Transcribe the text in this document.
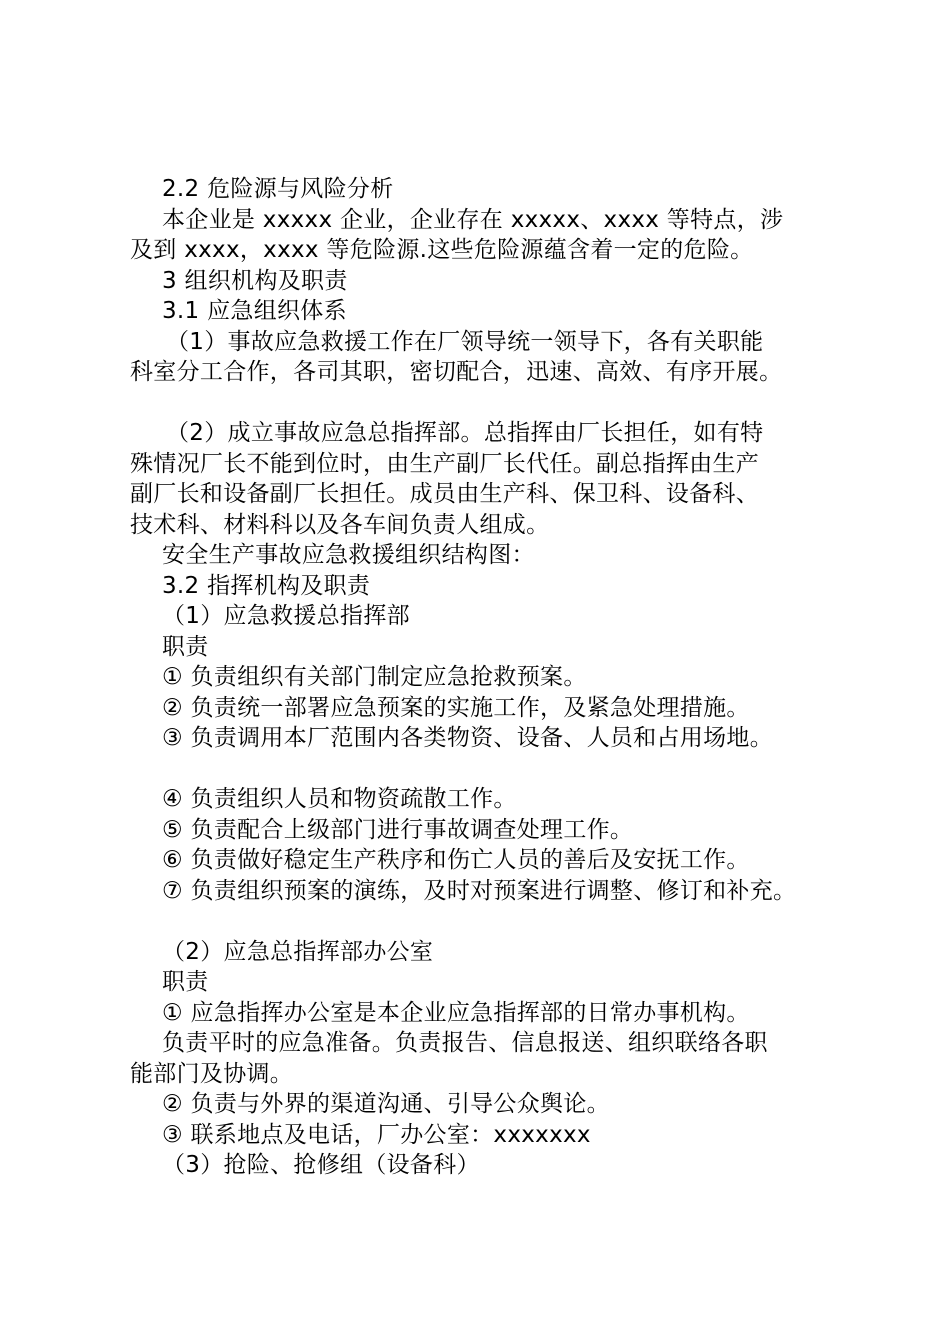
2.2 危险源与风险分析
本企业是 xxxxx 企业，企业存在 xxxxx、xxxx 等特点，涉
及到 xxxx，xxxx 等危险源.这些危险源蕴含着一定的危险。
3 组织机构及职责
3.1 应急组织体系
（1）事故应急救援工作在厂领导统一领导下，各有关职能
科室分工合作，各司其职，密切配合，迅速、高效、有序开展。
（2）成立事故应急总指挥部。总指挥由厂长担任，如有特
殊情况厂长不能到位时，由生产副厂长代任。副总指挥由生产
副厂长和设备副厂长担任。成员由生产科、保卫科、设备科、
技术科、材料科以及各车间负责人组成。
安全生产事故应急救援组织结构图：
3.2 指挥机构及职责
（1）应急救援总指挥部
职责
① 负责组织有关部门制定应急抢救预案。
② 负责统一部署应急预案的实施工作，及紧急处理措施。
③ 负责调用本厂范围内各类物资、设备、人员和占用场地。
④ 负责组织人员和物资疏散工作。
⑤ 负责配合上级部门进行事故调查处理工作。
⑥ 负责做好稳定生产秩序和伤亡人员的善后及安抚工作。
⑦ 负责组织预案的演练，及时对预案进行调整、修订和补充。
（2）应急总指挥部办公室
职责
① 应急指挥办公室是本企业应急指挥部的日常办事机构。
负责平时的应急准备。负责报告、信息报送、组织联络各职
能部门及协调。
② 负责与外界的渠道沟通、引导公众舆论。
③ 联系地点及电话，厂办公室：xxxxxxx
（3）抢险、抢修组（设备科）
